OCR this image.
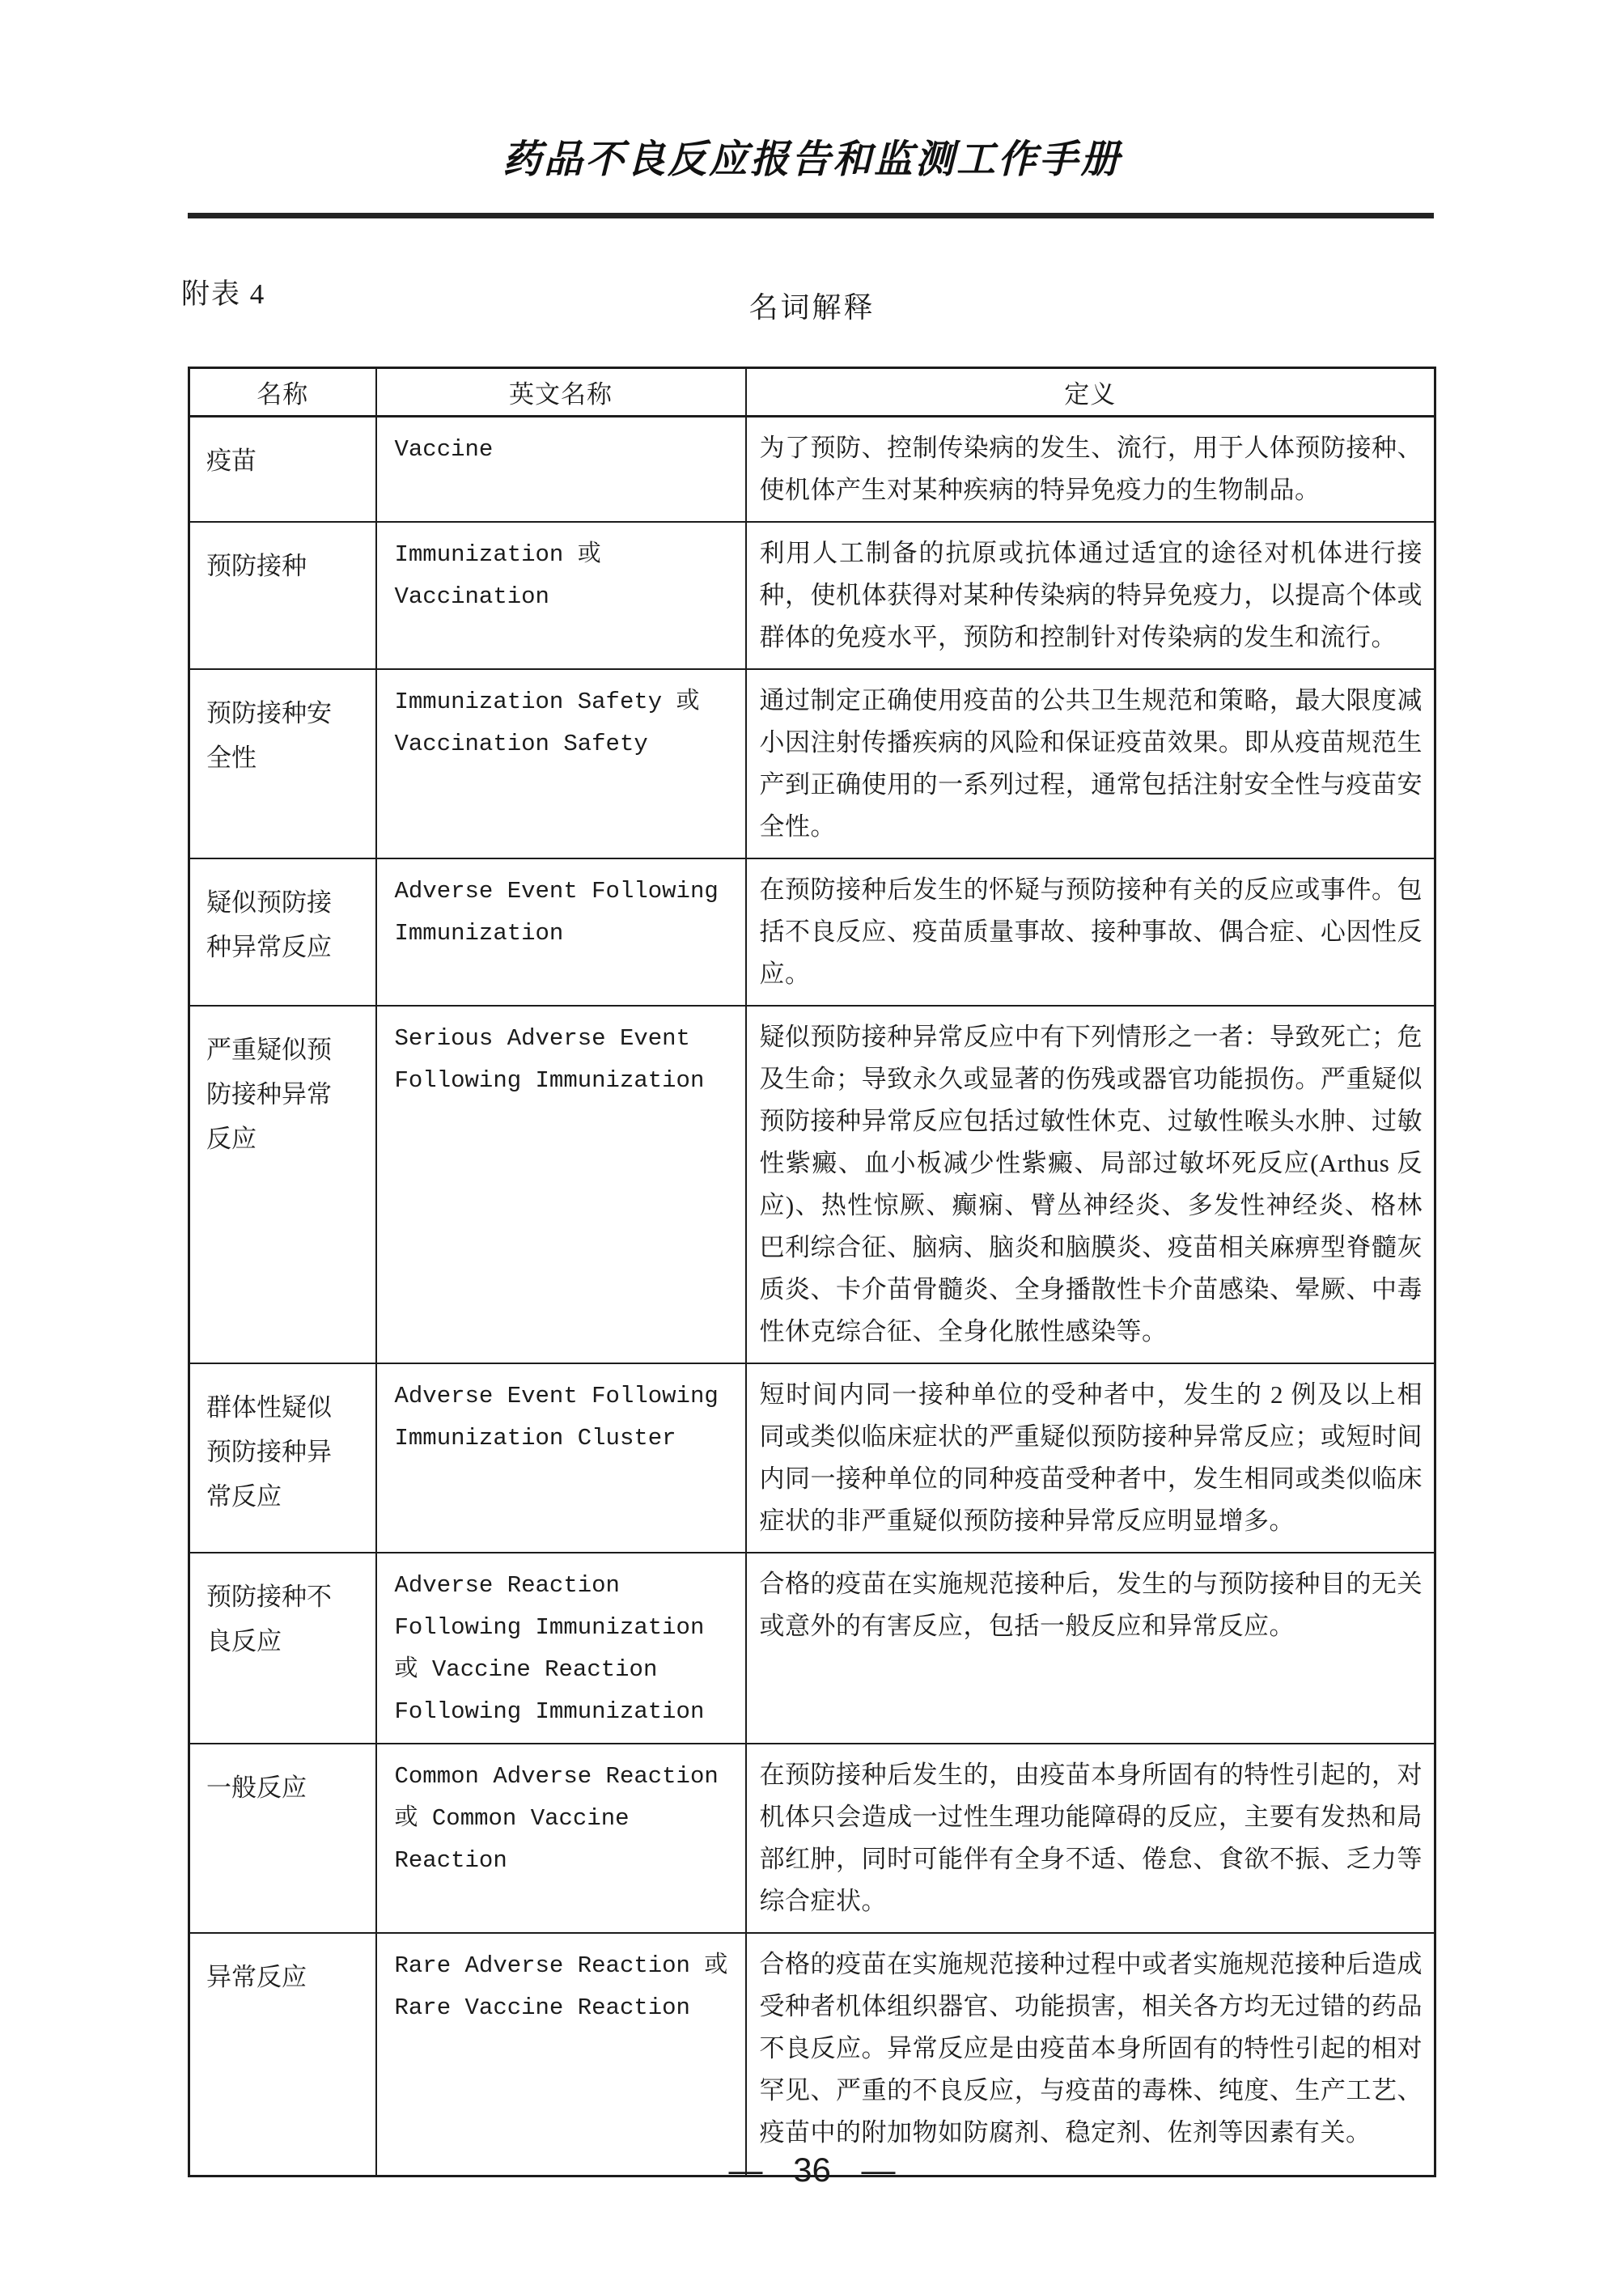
药品不良反应报告和监测工作手册
附表 4	名词解释
名称	英文名称	定义
疫苗	Vaccine	为了预防、控制传染病的发生、流行，用于人体预防接种、使机体产生对某种疾病的特异免疫力的生物制品。
预防接种	Immunization 或 Vaccination	利用人工制备的抗原或抗体通过适宜的途径对机体进行接种，使机体获得对某种传染病的特异免疫力，以提高个体或群体的免疫水平，预防和控制针对传染病的发生和流行。
预防接种安全性	Immunization Safety 或 Vaccination Safety	通过制定正确使用疫苗的公共卫生规范和策略，最大限度减小因注射传播疾病的风险和保证疫苗效果。即从疫苗规范生产到正确使用的一系列过程，通常包括注射安全性与疫苗安全性。
疑似预防接种异常反应	Adverse Event Following Immunization	在预防接种后发生的怀疑与预防接种有关的反应或事件。包括不良反应、疫苗质量事故、接种事故、偶合症、心因性反应。
严重疑似预防接种异常反应	Serious Adverse Event Following Immunization	疑似预防接种异常反应中有下列情形之一者：导致死亡；危及生命；导致永久或显著的伤残或器官功能损伤。严重疑似预防接种异常反应包括过敏性休克、过敏性喉头水肿、过敏性紫癜、血小板减少性紫癜、局部过敏坏死反应(Arthus 反应)、热性惊厥、癫痫、臂丛神经炎、多发性神经炎、格林巴利综合征、脑病、脑炎和脑膜炎、疫苗相关麻痹型脊髓灰质炎、卡介苗骨髓炎、全身播散性卡介苗感染、晕厥、中毒性休克综合征、全身化脓性感染等。
群体性疑似预防接种异常反应	Adverse Event Following Immunization Cluster	短时间内同一接种单位的受种者中，发生的 2 例及以上相同或类似临床症状的严重疑似预防接种异常反应；或短时间内同一接种单位的同种疫苗受种者中，发生相同或类似临床症状的非严重疑似预防接种异常反应明显增多。
预防接种不良反应	Adverse Reaction Following Immunization 或 Vaccine Reaction Following Immunization	合格的疫苗在实施规范接种后，发生的与预防接种目的无关或意外的有害反应，包括一般反应和异常反应。
一般反应	Common Adverse Reaction 或 Common Vaccine Reaction	在预防接种后发生的，由疫苗本身所固有的特性引起的，对机体只会造成一过性生理功能障碍的反应，主要有发热和局部红肿，同时可能伴有全身不适、倦怠、食欲不振、乏力等综合症状。
异常反应	Rare Adverse Reaction 或 Rare Vaccine Reaction	合格的疫苗在实施规范接种过程中或者实施规范接种后造成受种者机体组织器官、功能损害，相关各方均无过错的药品不良反应。异常反应是由疫苗本身所固有的特性引起的相对罕见、严重的不良反应，与疫苗的毒株、纯度、生产工艺、疫苗中的附加物如防腐剂、稳定剂、佐剂等因素有关。
— 36 —
